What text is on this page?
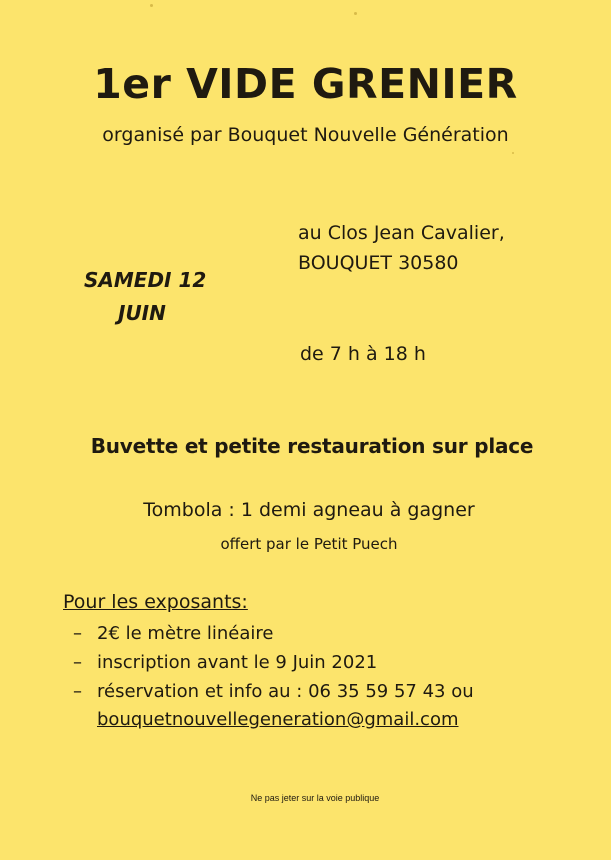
1er VIDE GRENIER
organisé par Bouquet Nouvelle Génération
au Clos Jean Cavalier,
BOUQUET 30580
SAMEDI 12
JUIN
de 7 h à 18 h
Buvette et petite restauration sur place
Tombola : 1 demi agneau à gagner
offert par le Petit Puech
Pour les exposants:
– 2€ le mètre linéaire
– inscription avant le 9 Juin 2021
– réservation et info au : 06 35 59 57 43 ou
bouquetnouvellegeneration@gmail.com
Ne pas jeter sur la voie publique
